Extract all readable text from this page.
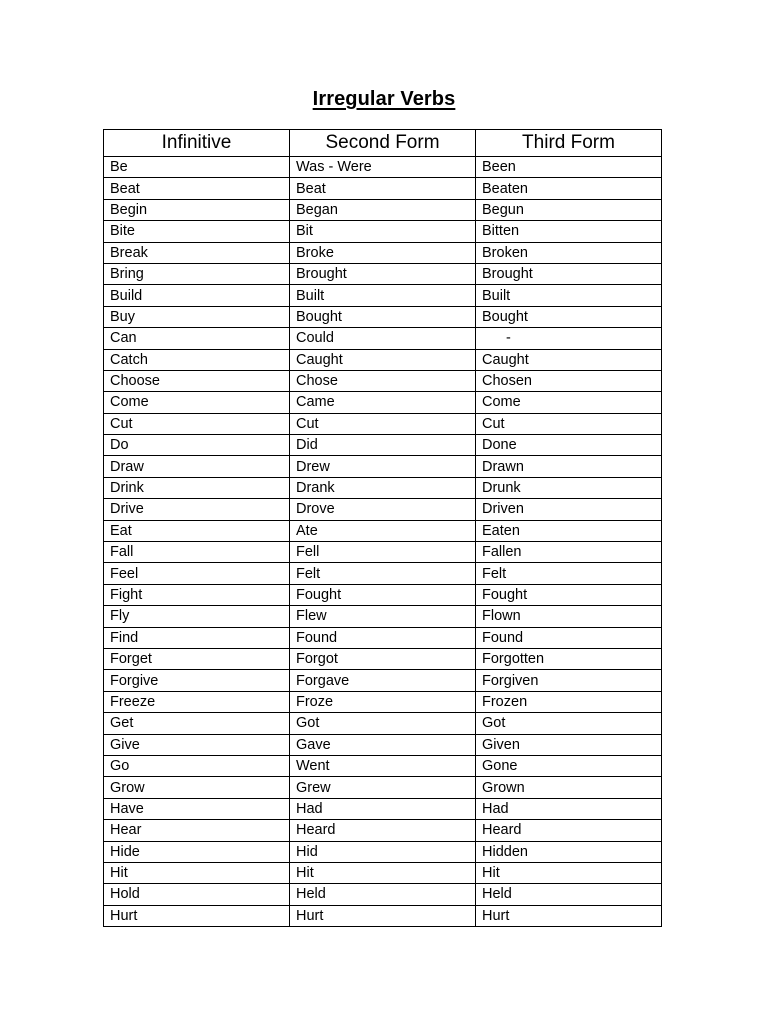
Irregular Verbs
Infinitive	Second Form	Third Form
Be	Was - Were	Been
Beat	Beat	Beaten
Begin	Began	Begun
Bite	Bit	Bitten
Break	Broke	Broken
Bring	Brought	Brought
Build	Built	Built
Buy	Bought	Bought
Can	Could	-
Catch	Caught	Caught
Choose	Chose	Chosen
Come	Came	Come
Cut	Cut	Cut
Do	Did	Done
Draw	Drew	Drawn
Drink	Drank	Drunk
Drive	Drove	Driven
Eat	Ate	Eaten
Fall	Fell	Fallen
Feel	Felt	Felt
Fight	Fought	Fought
Fly	Flew	Flown
Find	Found	Found
Forget	Forgot	Forgotten
Forgive	Forgave	Forgiven
Freeze	Froze	Frozen
Get	Got	Got
Give	Gave	Given
Go	Went	Gone
Grow	Grew	Grown
Have	Had	Had
Hear	Heard	Heard
Hide	Hid	Hidden
Hit	Hit	Hit
Hold	Held	Held
Hurt	Hurt	Hurt
